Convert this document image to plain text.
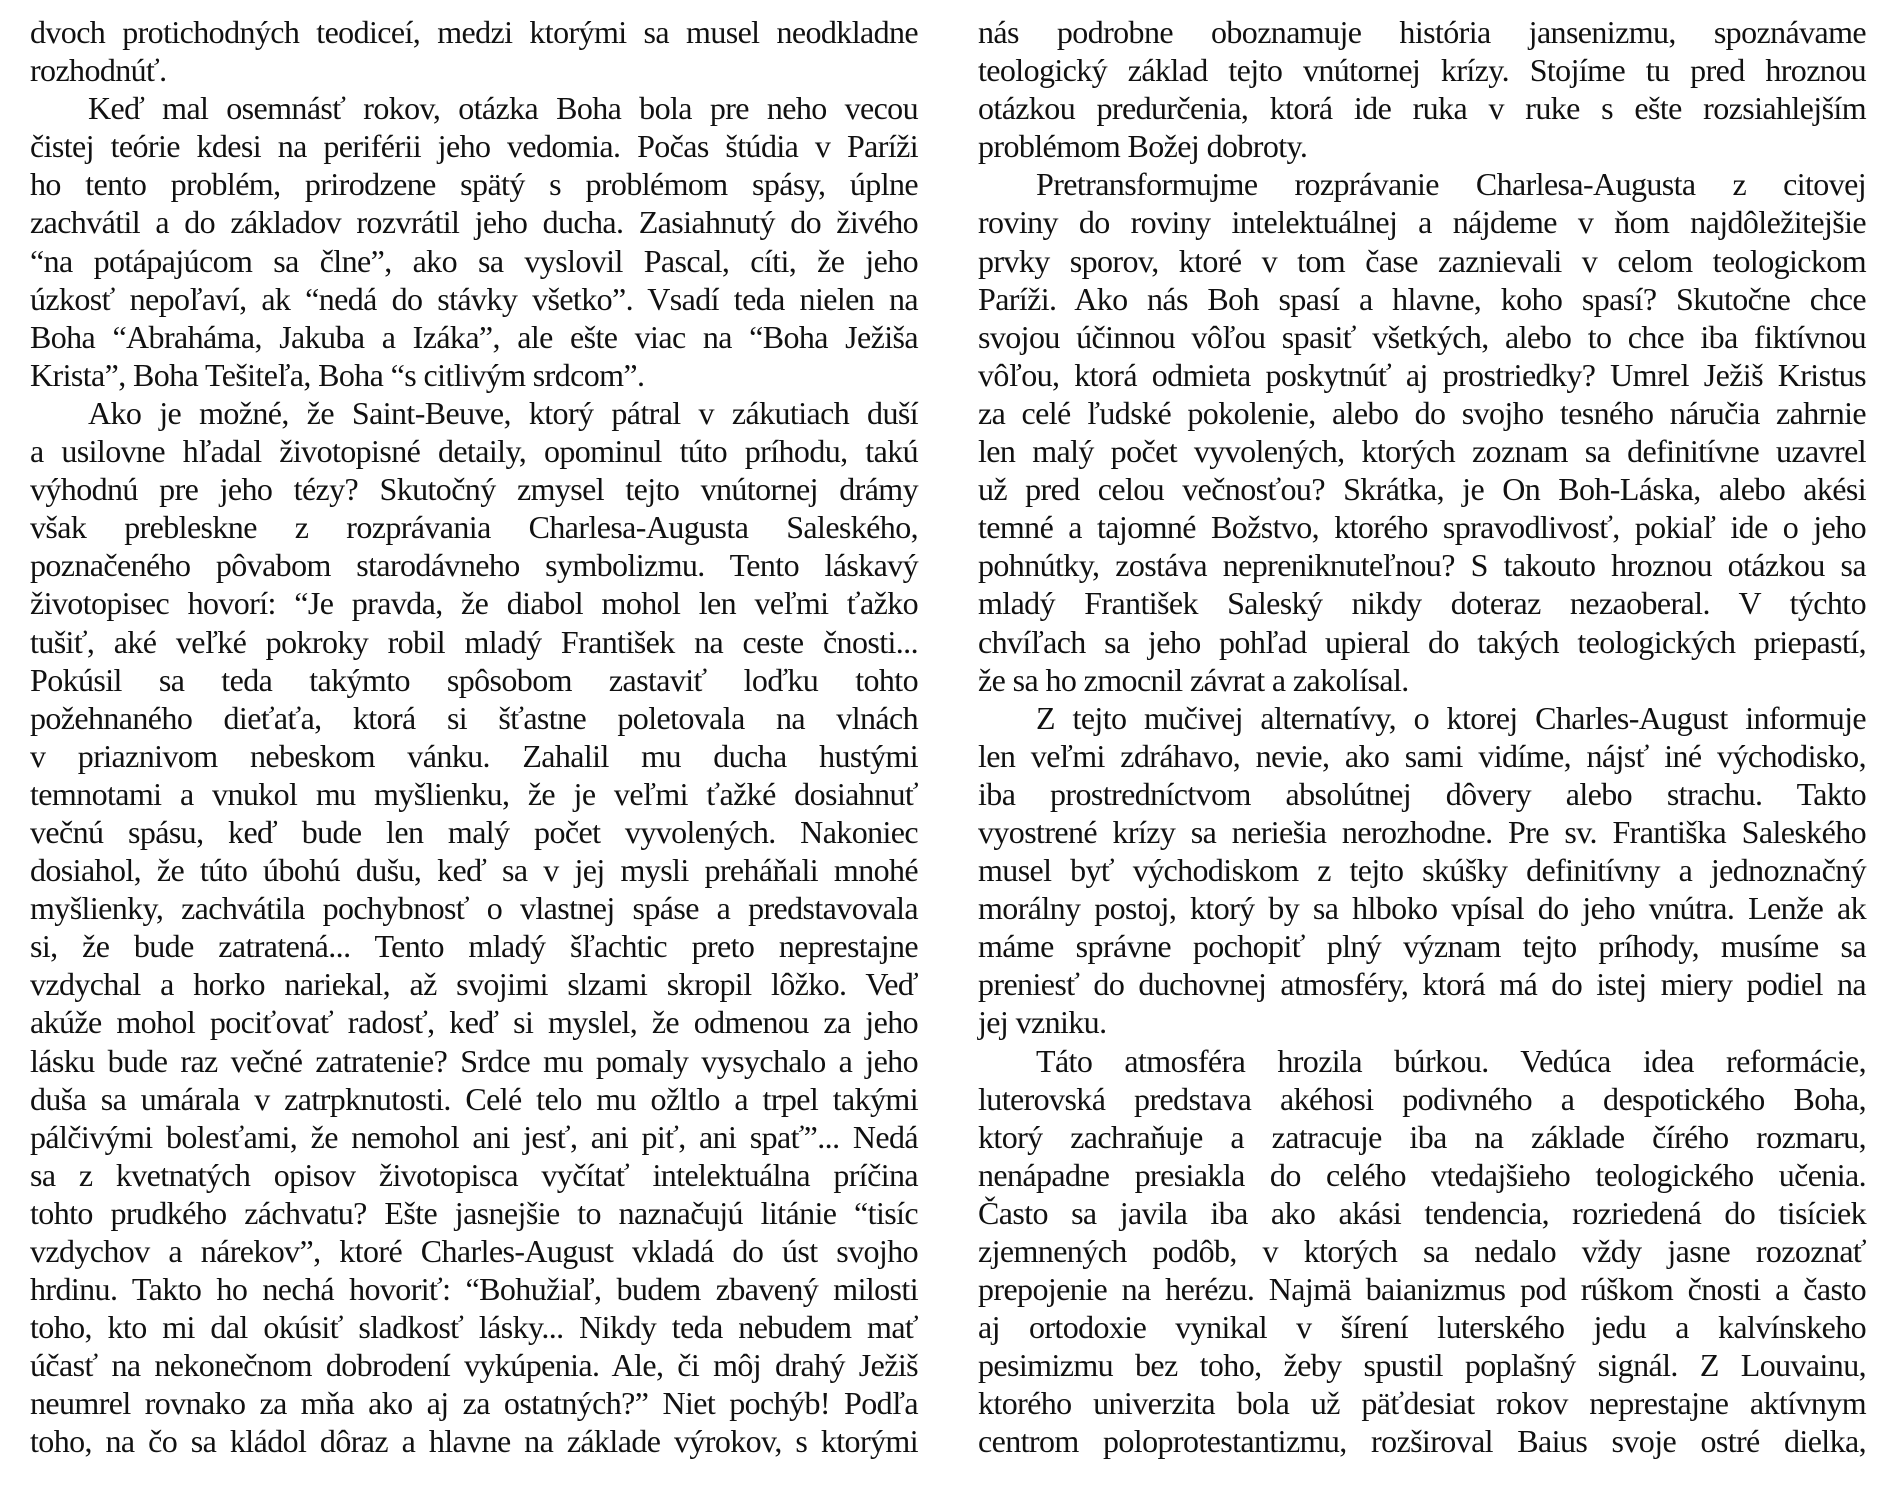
dvoch protichodných teodiceí, medzi ktorými sa musel neodkladne
rozhodnúť.
Keď mal osemnásť rokov, otázka Boha bola pre neho vecou
čistej teórie kdesi na periférii jeho vedomia. Počas štúdia v Paríži
ho tento problém, prirodzene spätý s problémom spásy, úplne
zachvátil a do základov rozvrátil jeho ducha. Zasiahnutý do živého
“na potápajúcom sa člne”, ako sa vyslovil Pascal, cíti, že jeho
úzkosť nepoľaví, ak “nedá do stávky všetko”. Vsadí teda nielen na
Boha “Abraháma, Jakuba a Izáka”, ale ešte viac na “Boha Ježiša
Krista”, Boha Tešiteľa, Boha “s citlivým srdcom”.
Ako je možné, že Saint-Beuve, ktorý pátral v zákutiach duší
a usilovne hľadal životopisné detaily, opominul túto príhodu, takú
výhodnú pre jeho tézy? Skutočný zmysel tejto vnútornej drámy
však prebleskne z rozprávania Charlesa-Augusta Saleského,
poznačeného pôvabom starodávneho symbolizmu. Tento láskavý
životopisec hovorí: “Je pravda, že diabol mohol len veľmi ťažko
tušiť, aké veľké pokroky robil mladý František na ceste čnosti...
Pokúsil sa teda takýmto spôsobom zastaviť loďku tohto
požehnaného dieťaťa, ktorá si šťastne poletovala na vlnách
v priaznivom nebeskom vánku. Zahalil mu ducha hustými
temnotami a vnukol mu myšlienku, že je veľmi ťažké dosiahnuť
večnú spásu, keď bude len malý počet vyvolených. Nakoniec
dosiahol, že túto úbohú dušu, keď sa v jej mysli preháňali mnohé
myšlienky, zachvátila pochybnosť o vlastnej spáse a predstavovala
si, že bude zatratená... Tento mladý šľachtic preto neprestajne
vzdychal a horko nariekal, až svojimi slzami skropil lôžko. Veď
akúže mohol pociťovať radosť, keď si myslel, že odmenou za jeho
lásku bude raz večné zatratenie? Srdce mu pomaly vysychalo a jeho
duša sa umárala v zatrpknutosti. Celé telo mu ožltlo a trpel takými
pálčivými bolesťami, že nemohol ani jesť, ani piť, ani spať”... Nedá
sa z kvetnatých opisov životopisca vyčítať intelektuálna príčina
tohto prudkého záchvatu? Ešte jasnejšie to naznačujú litánie “tisíc
vzdychov a nárekov”, ktoré Charles-August vkladá do úst svojho
hrdinu. Takto ho nechá hovoriť: “Bohužiaľ, budem zbavený milosti
toho, kto mi dal okúsiť sladkosť lásky... Nikdy teda nebudem mať
účasť na nekonečnom dobrodení vykúpenia. Ale, či môj drahý Ježiš
neumrel rovnako za mňa ako aj za ostatných?” Niet pochýb! Podľa
toho, na čo sa kládol dôraz a hlavne na základe výrokov, s ktorými
nás podrobne oboznamuje história jansenizmu, spoznávame
teologický základ tejto vnútornej krízy. Stojíme tu pred hroznou
otázkou predurčenia, ktorá ide ruka v ruke s ešte rozsiahlejším
problémom Božej dobroty.
Pretransformujme rozprávanie Charlesa-Augusta z citovej
roviny do roviny intelektuálnej a nájdeme v ňom najdôležitejšie
prvky sporov, ktoré v tom čase zaznievali v celom teologickom
Paríži. Ako nás Boh spasí a hlavne, koho spasí? Skutočne chce
svojou účinnou vôľou spasiť všetkých, alebo to chce iba fiktívnou
vôľou, ktorá odmieta poskytnúť aj prostriedky? Umrel Ježiš Kristus
za celé ľudské pokolenie, alebo do svojho tesného náručia zahrnie
len malý počet vyvolených, ktorých zoznam sa definitívne uzavrel
už pred celou večnosťou? Skrátka, je On Boh-Láska, alebo akési
temné a tajomné Božstvo, ktorého spravodlivosť, pokiaľ ide o jeho
pohnútky, zostáva nepreniknuteľnou? S takouto hroznou otázkou sa
mladý František Saleský nikdy doteraz nezaoberal. V týchto
chvíľach sa jeho pohľad upieral do takých teologických priepastí,
že sa ho zmocnil závrat a zakolísal.
Z tejto mučivej alternatívy, o ktorej Charles-August informuje
len veľmi zdráhavo, nevie, ako sami vidíme, nájsť iné východisko,
iba prostredníctvom absolútnej dôvery alebo strachu. Takto
vyostrené krízy sa neriešia nerozhodne. Pre sv. Františka Saleského
musel byť východiskom z tejto skúšky definitívny a jednoznačný
morálny postoj, ktorý by sa hlboko vpísal do jeho vnútra. Lenže ak
máme správne pochopiť plný význam tejto príhody, musíme sa
preniesť do duchovnej atmosféry, ktorá má do istej miery podiel na
jej vzniku.
Táto atmosféra hrozila búrkou. Vedúca idea reformácie,
luterovská predstava akéhosi podivného a despotického Boha,
ktorý zachraňuje a zatracuje iba na základe čírého rozmaru,
nenápadne presiakla do celého vtedajšieho teologického učenia.
Často sa javila iba ako akási tendencia, rozriedená do tisíciek
zjemnených podôb, v ktorých sa nedalo vždy jasne rozoznať
prepojenie na herézu. Najmä baianizmus pod rúškom čnosti a často
aj ortodoxie vynikal v šírení luterského jedu a kalvínskeho
pesimizmu bez toho, žeby spustil poplašný signál. Z Louvainu,
ktorého univerzita bola už päťdesiat rokov neprestajne aktívnym
centrom poloprotestantizmu, rozširoval Baius svoje ostré dielka,
